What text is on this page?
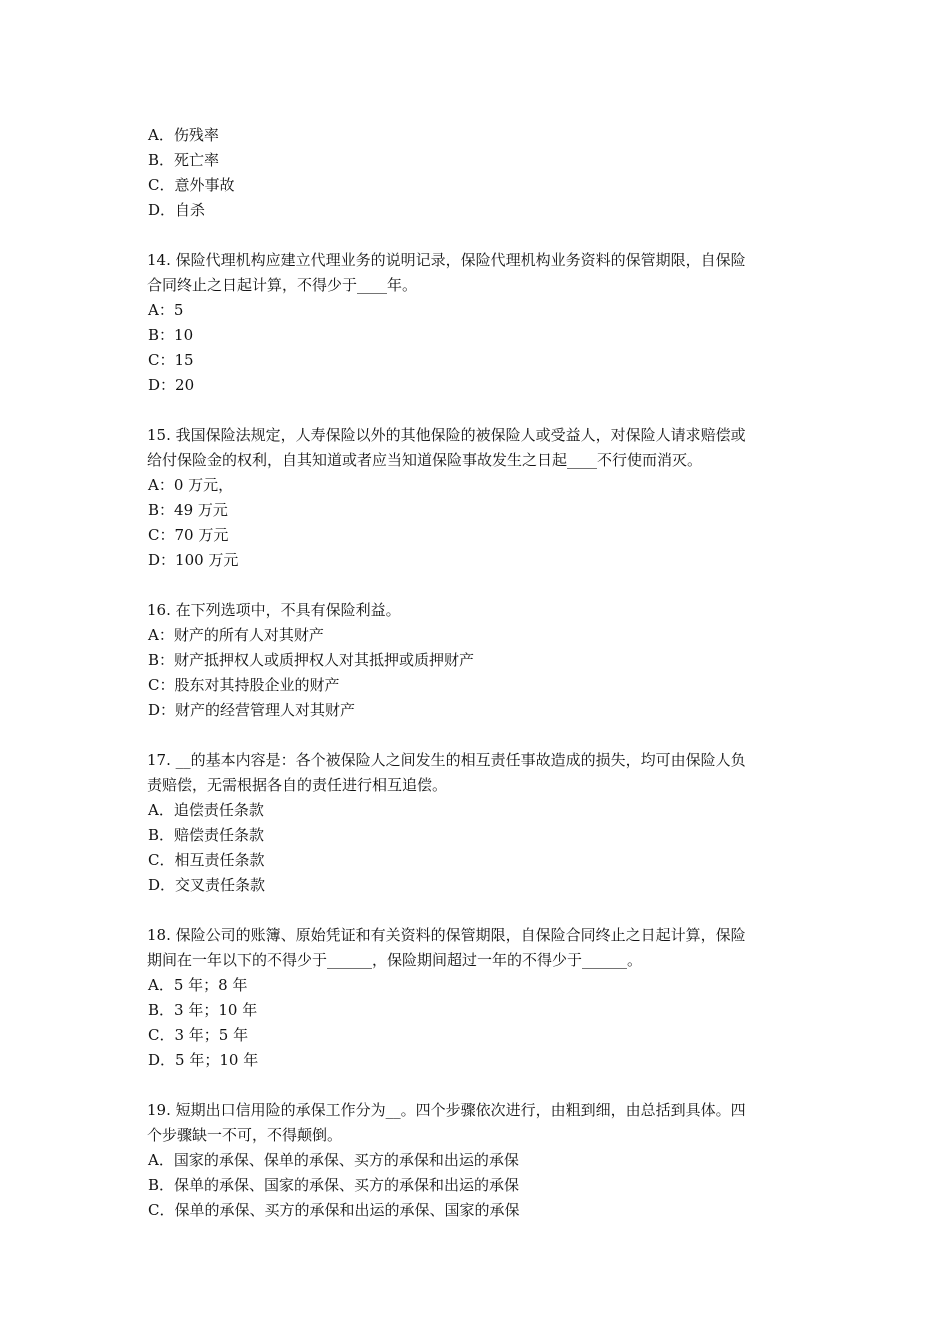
A．伤残率
B．死亡率
C．意外事故
D．自杀
14. 保险代理机构应建立代理业务的说明记录，保险代理机构业务资料的保管期限，自保险
合同终止之日起计算，不得少于____年。
A：5
B：10
C：15
D：20
15. 我国保险法规定，人寿保险以外的其他保险的被保险人或受益人，对保险人请求赔偿或
给付保险金的权利，自其知道或者应当知道保险事故发生之日起____不行使而消灭。
A：0 万元，
B：49 万元
C：70 万元
D：100 万元
16. 在下列选项中，不具有保险利益。
A：财产的所有人对其财产
B：财产抵押权人或质押权人对其抵押或质押财产
C：股东对其持股企业的财产
D：财产的经营管理人对其财产
17. __的基本内容是：各个被保险人之间发生的相互责任事故造成的损失，均可由保险人负
责赔偿，无需根据各自的责任进行相互追偿。
A．追偿责任条款
B．赔偿责任条款
C．相互责任条款
D．交叉责任条款
18. 保险公司的账簿、原始凭证和有关资料的保管期限，自保险合同终止之日起计算，保险
期间在一年以下的不得少于______，保险期间超过一年的不得少于______。
A．5 年；8 年
B．3 年；10 年
C．3 年；5 年
D．5 年；10 年
19. 短期出口信用险的承保工作分为__。四个步骤依次进行，由粗到细，由总括到具体。四
个步骤缺一不可，不得颠倒。
A．国家的承保、保单的承保、买方的承保和出运的承保
B．保单的承保、国家的承保、买方的承保和出运的承保
C．保单的承保、买方的承保和出运的承保、国家的承保
